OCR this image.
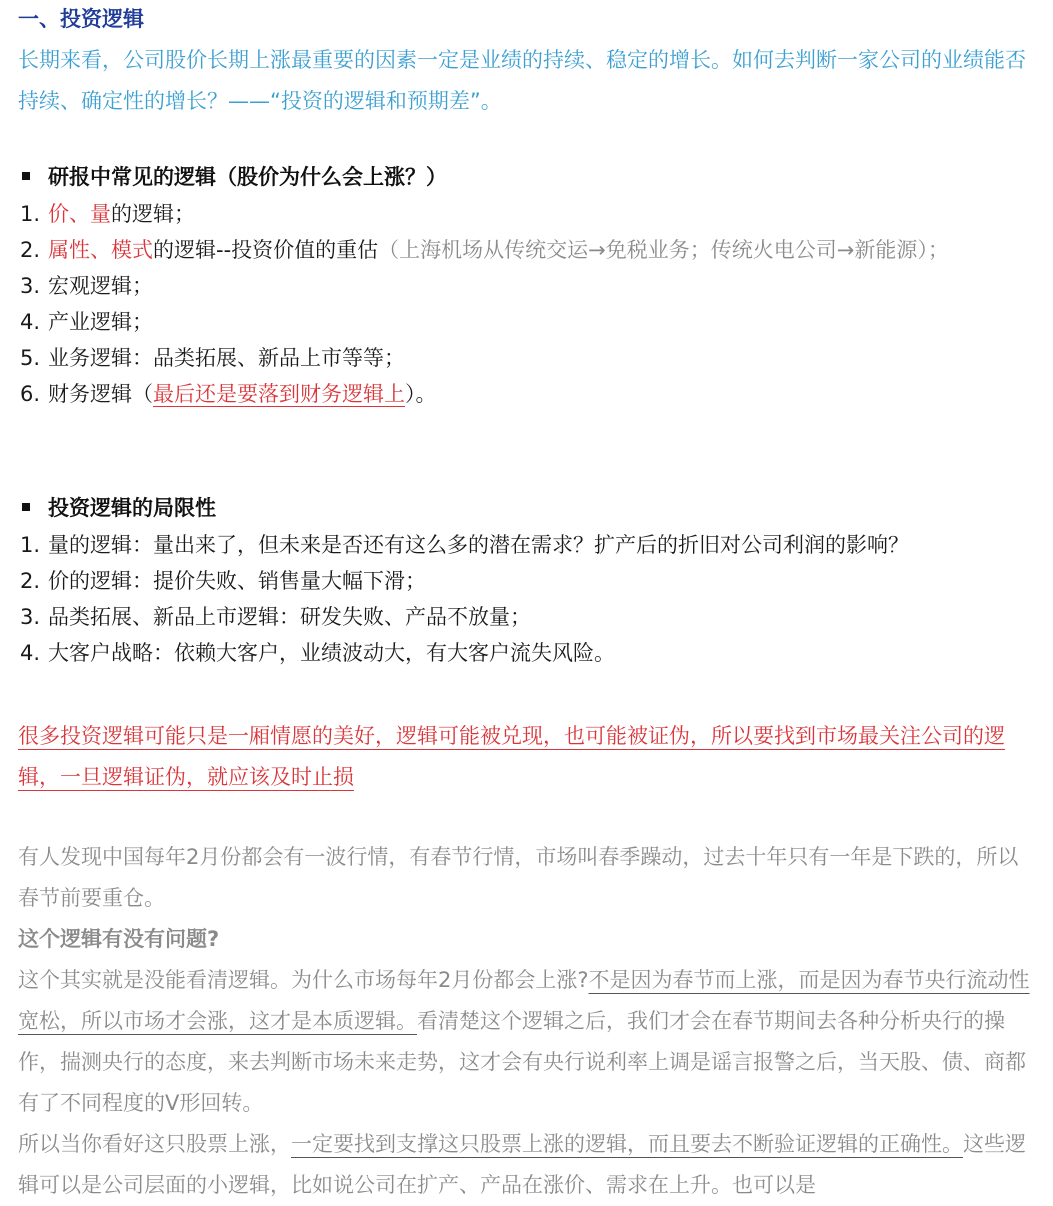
一、投资逻辑
长期来看，公司股价长期上涨最重要的因素一定是业绩的持续、稳定的增长。如何去判断一家公司的业绩能否持续、确定性的增长？——“投资的逻辑和预期差”。
研报中常见的逻辑（股价为什么会上涨？）
1. 价、量的逻辑；
2. 属性、模式的逻辑--投资价值的重估（上海机场从传统交运→免税业务；传统火电公司→新能源）；
3. 宏观逻辑；
4. 产业逻辑；
5. 业务逻辑：品类拓展、新品上市等等；
6. 财务逻辑（最后还是要落到财务逻辑上）。
投资逻辑的局限性
1. 量的逻辑：量出来了，但未来是否还有这么多的潜在需求？扩产后的折旧对公司利润的影响？
2. 价的逻辑：提价失败、销售量大幅下滑；
3. 品类拓展、新品上市逻辑：研发失败、产品不放量；
4. 大客户战略：依赖大客户，业绩波动大，有大客户流失风险。
很多投资逻辑可能只是一厢情愿的美好，逻辑可能被兑现，也可能被证伪，所以要找到市场最关注公司的逻辑，一旦逻辑证伪，就应该及时止损
有人发现中国每年2月份都会有一波行情，有春节行情，市场叫春季躁动，过去十年只有一年是下跌的，所以春节前要重仓。
这个逻辑有没有问题?
这个其实就是没能看清逻辑。为什么市场每年2月份都会上涨?不是因为春节而上涨，而是因为春节央行流动性宽松，所以市场才会涨，这才是本质逻辑。看清楚这个逻辑之后，我们才会在春节期间去各种分析央行的操作，揣测央行的态度，来去判断市场未来走势，这才会有央行说利率上调是谣言报警之后，当天股、债、商都有了不同程度的V形回转。
所以当你看好这只股票上涨，一定要找到支撑这只股票上涨的逻辑，而且要去不断验证逻辑的正确性。这些逻辑可以是公司层面的小逻辑，比如说公司在扩产、产品在涨价、需求在上升。也可以是
